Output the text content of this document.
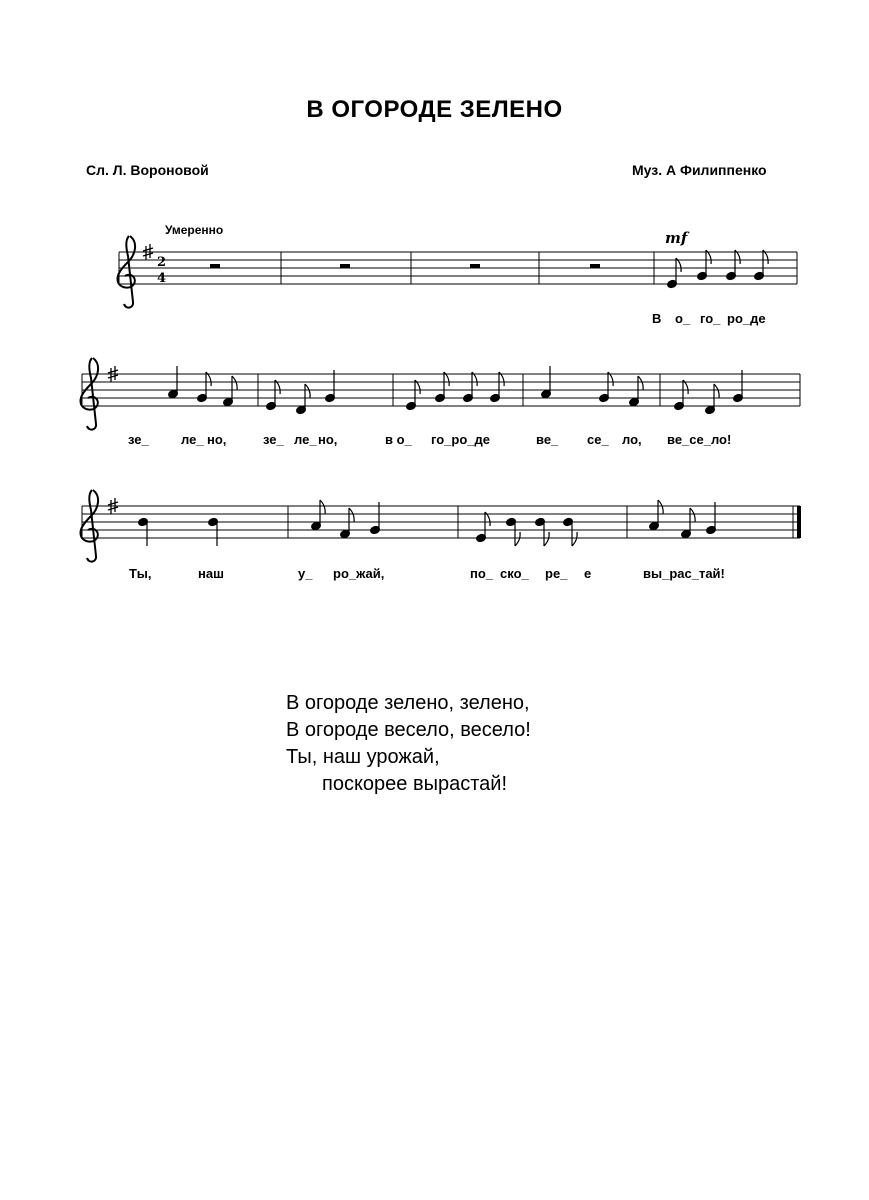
В ОГОРОДЕ ЗЕЛЕНО
Сл. Л. Вороновой	Муз. А Филиппенко
Умеренно	mf
2
4
В о_ го_ ро_де
зе_ ле_ но,	зе_ ле_ но,	в о_ го_ро_де	ве_ се_ ло, ве_се_ло!
Ты,	наш	у_ ро_жай,	по_ ско_ ре_ е	вы_рас_тай!
В огороде зелено, зелено,
В огороде весело, весело!
Ты, наш урожай,
поскорее вырастай!
